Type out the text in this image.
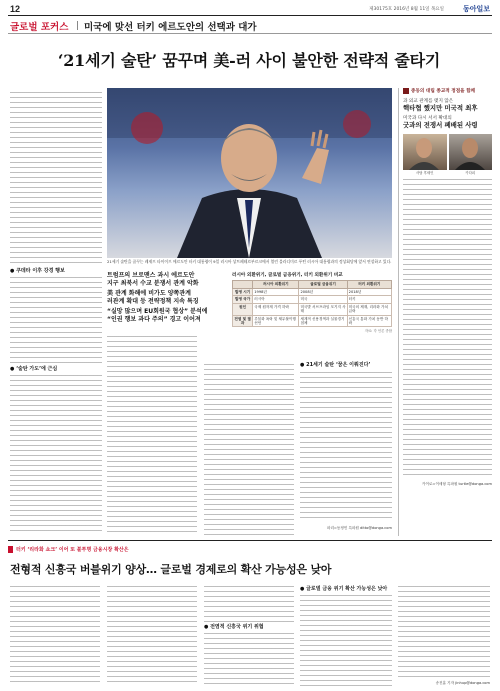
12	제30175호 2016년 8월 11일 목요일	동아일보
글로벌 포커스 미국에 맞선 터키 에르도안의 선택과 대가
‘21세기 술탄’ 꿈꾸며 美-러 사이 불안한 전략적 줄타기
● 쿠데타 이후 강경 행보
● ‘술탄 가도’에 근심
21세기 술탄을 꿈꾸는 레제프 타이이프 에르도안 터키 대통령이 9일 러시아 상트페테르부르크에서 열린 블라디미르 푸틴 러시아 대통령과의 정상회담에 앞서 연설하고 있다.
트럼프의 브로맨스 과시 에르도안
지구 최북서 수교 분쟁서 관계 악화
美 관계 화해에 비가도 양쪽관계
러관계 확대 등 전략정책 지속 특징
“실망 많으며 EU회원국 협상” 분석에
“인권 행보 과다 주의” 경고 이어져
러시아 외환위기, 글로벌 금융위기, 터키 외환위기 비교
	러시아 외환위기	글로벌 금융위기	터키 외환위기
발생 시기	1998년	2008년	2018년
발생 국가	러시아	미국	터키
원인	국제 원자재 가격 하락	미국발 서브프라임 모기지 사태	미국의 제재, 리라화 가치 급락
전염 및 결과	루블화 폭락 및 채무불이행 선언	세계적 신용경색과 실물경기 침체	신흥국 통화 가치 동반 하락
자료: 각 언론 종합
● 21세기 술탄 ‘꿈은 이뤄진다’
파리=동정민 특파원 ditto@donga.com
중동의 대립 종교적 정점을 함께
과 외교 관계를 맺지 않은
핵타협 했지만 미국적 최후
미국과 다시 서서 확대의
굿과의 전쟁서 폐배된 사령
사담 후세인	카다피
카이로=이세형 특파원 turtle@donga.com
터키 ‘리라화 쇼크’ 이어 또 불투명 금융시장 확산은
전형적 신흥국 버블위기 양상… 글로벌 경제로의 확산 가능성은 낮아
● 전염적 신흥국 위기 위협
● 글로벌 금융 위기 확산 가능성은 낮아
송진흡 기자 jinhup@donga.com
